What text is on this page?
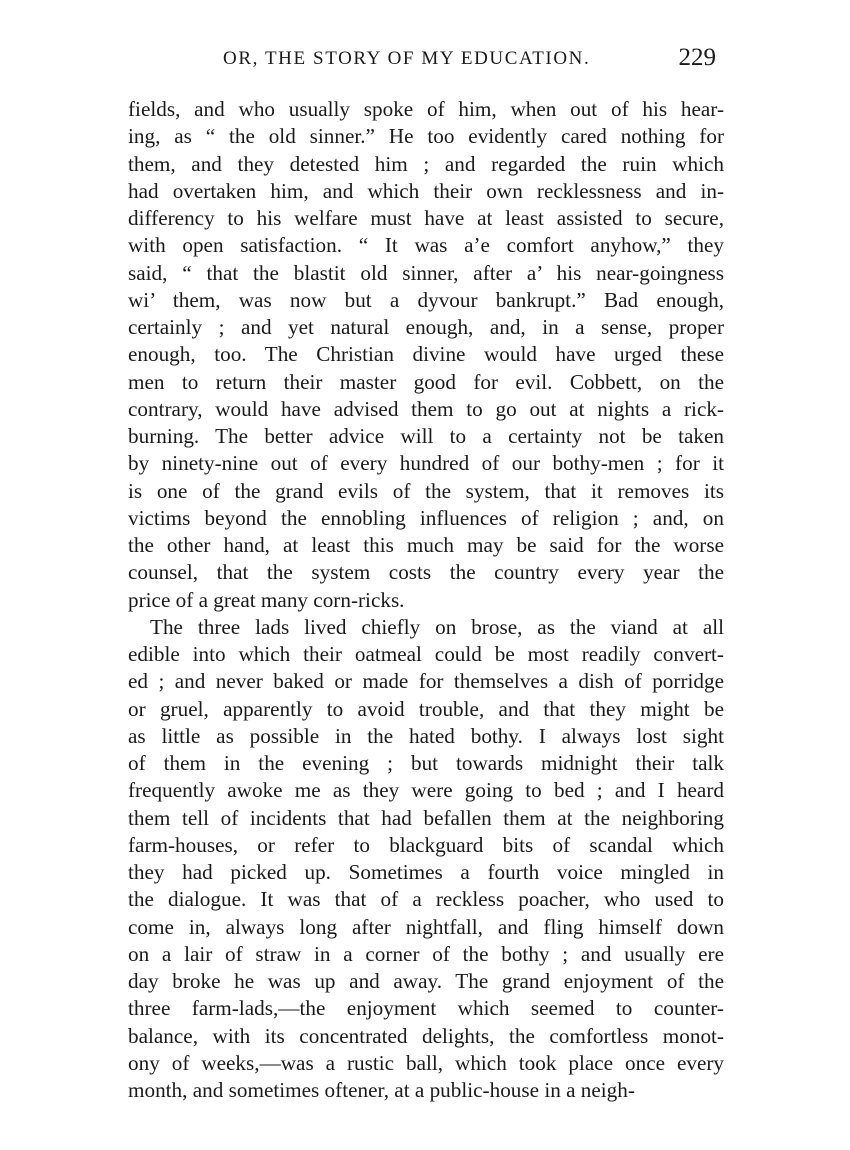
OR, THE STORY OF MY EDUCATION.	229
fields, and who usually spoke of him, when out of his hear-
ing, as “ the old sinner.” He too evidently cared nothing for
them, and they detested him ; and regarded the ruin which
had overtaken him, and which their own recklessness and in-
differency to his welfare must have at least assisted to secure,
with open satisfaction. “ It was a’e comfort anyhow,” they
said, “ that the blastit old sinner, after a’ his near-goingness
wi’ them, was now but a dyvour bankrupt.” Bad enough,
certainly ; and yet natural enough, and, in a sense, proper
enough, too. The Christian divine would have urged these
men to return their master good for evil. Cobbett, on the
contrary, would have advised them to go out at nights a rick-
burning. The better advice will to a certainty not be taken
by ninety-nine out of every hundred of our bothy-men ; for it
is one of the grand evils of the system, that it removes its
victims beyond the ennobling influences of religion ; and, on
the other hand, at least this much may be said for the worse
counsel, that the system costs the country every year the
price of a great many corn-ricks.
The three lads lived chiefly on brose, as the viand at all
edible into which their oatmeal could be most readily convert-
ed ; and never baked or made for themselves a dish of porridge
or gruel, apparently to avoid trouble, and that they might be
as little as possible in the hated bothy. I always lost sight
of them in the evening ; but towards midnight their talk
frequently awoke me as they were going to bed ; and I heard
them tell of incidents that had befallen them at the neighboring
farm-houses, or refer to blackguard bits of scandal which
they had picked up. Sometimes a fourth voice mingled in
the dialogue. It was that of a reckless poacher, who used to
come in, always long after nightfall, and fling himself down
on a lair of straw in a corner of the bothy ; and usually ere
day broke he was up and away. The grand enjoyment of the
three farm-lads,—the enjoyment which seemed to counter-
balance, with its concentrated delights, the comfortless monot-
ony of weeks,—was a rustic ball, which took place once every
month, and sometimes oftener, at a public-house in a neigh-
